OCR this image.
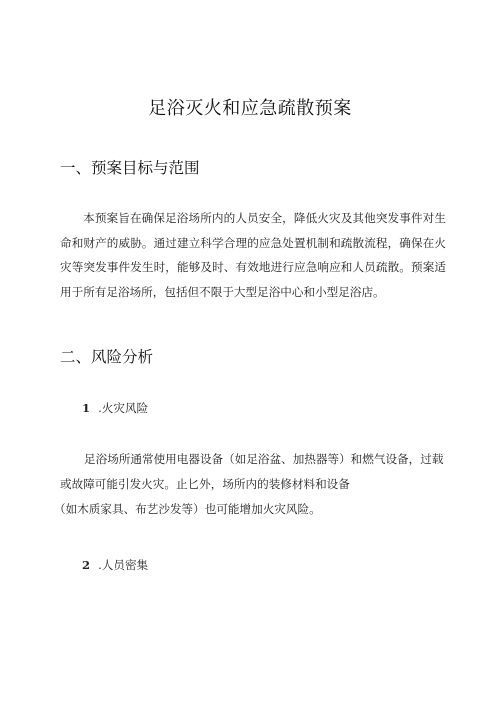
足浴灭火和应急疏散预案
一、预案目标与范围
本预案旨在确保足浴场所内的人员安全，降低火灾及其他突发事件对生命和财产的威胁。通过建立科学合理的应急处置机制和疏散流程，确保在火灾等突发事件发生时，能够及时、有效地进行应急响应和人员疏散。预案适用于所有足浴场所，包括但不限于大型足浴中心和小型足浴店。
二、风险分析
1 .火灾风险
足浴场所通常使用电器设备（如足浴盆、加热器等）和燃气设备，过载
或故障可能引发火灾。止匕外，场所内的装修材料和设备
（如木质家具、布艺沙发等）也可能增加火灾风险。
2 .人员密集
